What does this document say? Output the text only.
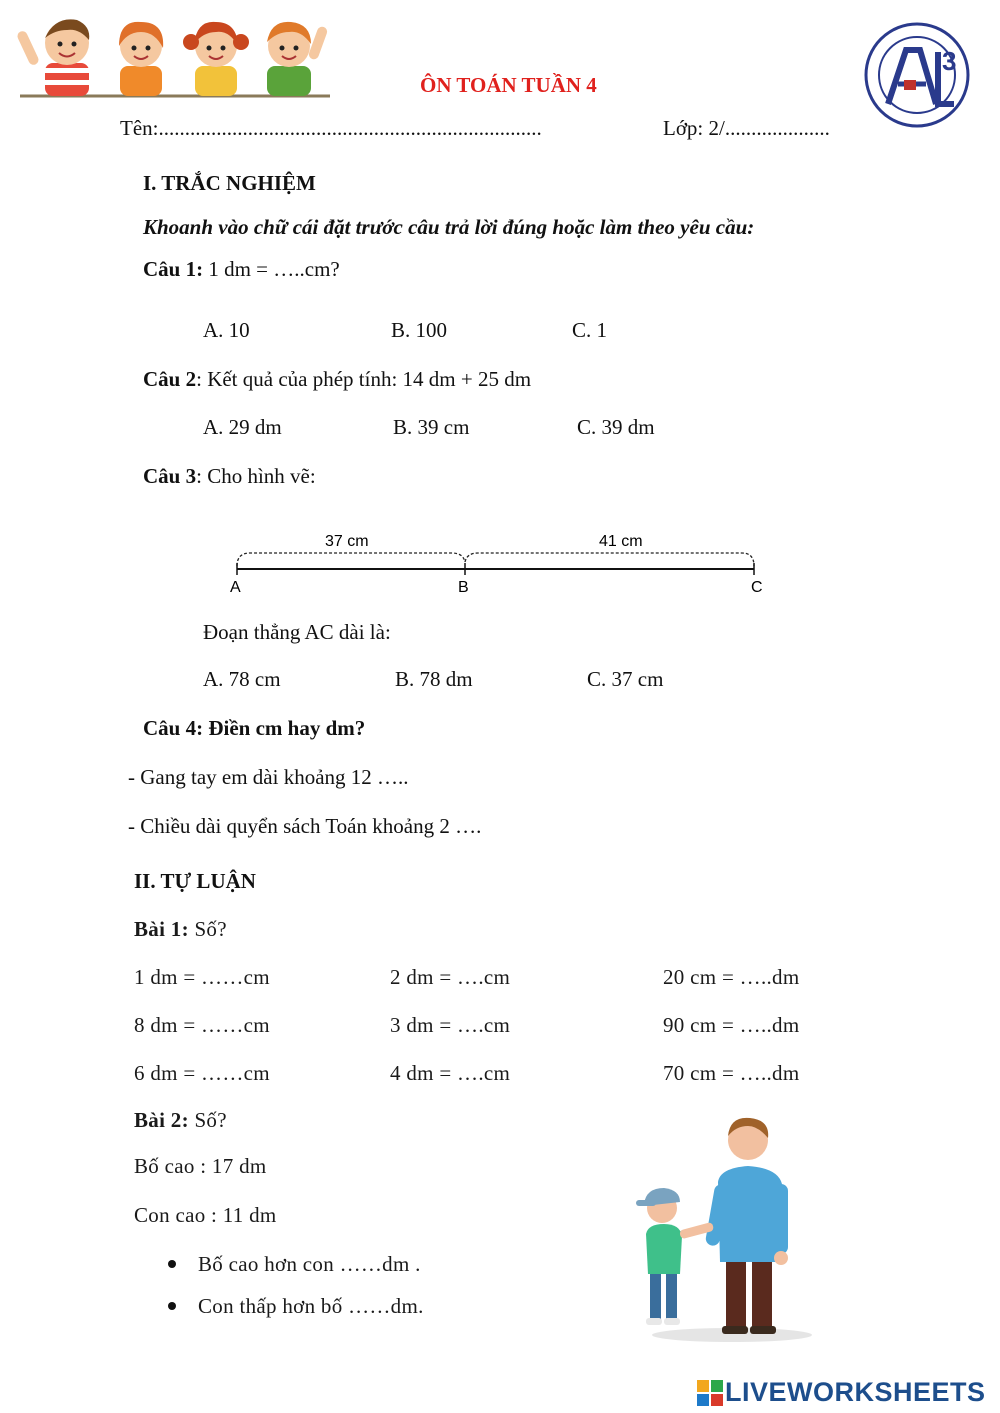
ÔN TOÁN TUẦN 4
3
Tên:.........................................................................	Lớp: 2/....................
I. TRẮC NGHIỆM
Khoanh vào chữ cái đặt trước câu trả lời đúng hoặc làm theo yêu cầu:
Câu 1: 1 dm = …..cm?
A. 10	B. 100	C. 1
Câu 2: Kết quả của phép tính: 14 dm + 25 dm
A. 29 dm	B. 39 cm	C. 39 dm
Câu 3: Cho hình vẽ:
37 cm	41 cm
A	B	C
Đoạn thẳng AC dài là:
A. 78 cm	B. 78 dm	C. 37 cm
Câu 4: Điền cm hay dm?
- Gang tay em dài khoảng 12 …..
- Chiều dài quyển sách Toán khoảng 2 ….
II. TỰ LUẬN
Bài 1: Số?
1 dm = ……cm	2 dm = ….cm	20 cm = …..dm
8 dm = ……cm	3 dm = ….cm	90 cm = …..dm
6 dm = ……cm	4 dm = ….cm	70 cm = …..dm
Bài 2: Số?
Bố cao : 17 dm
Con cao : 11 dm
Bố cao hơn con ……dm .
Con thấp hơn bố ……dm.
LIVEWORKSHEETS
